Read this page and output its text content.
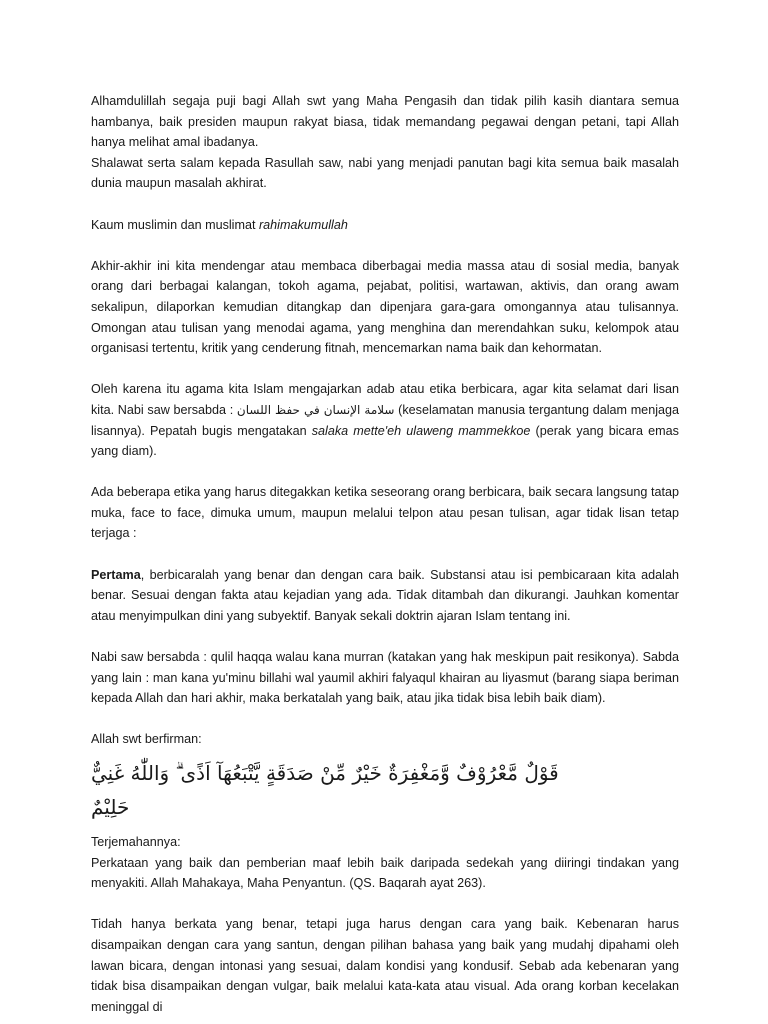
Alhamdulillah segaja puji bagi Allah swt yang Maha Pengasih dan tidak pilih kasih diantara semua hambanya, baik presiden maupun rakyat biasa, tidak memandang pegawai dengan petani, tapi Allah hanya melihat amal ibadanya.

Shalawat serta salam kepada Rasullah saw, nabi yang menjadi panutan bagi kita semua baik masalah dunia maupun masalah akhirat.

Kaum muslimin dan muslimat rahimakumullah

Akhir-akhir ini kita mendengar atau membaca diberbagai media massa atau di sosial media, banyak orang dari berbagai kalangan, tokoh agama, pejabat, politisi, wartawan, aktivis, dan orang awam sekalipun, dilaporkan kemudian ditangkap dan dipenjara gara-gara omongannya atau tulisannya. Omongan atau tulisan yang menodai agama, yang menghina dan merendahkan suku, kelompok atau organisasi tertentu, kritik yang cenderung fitnah, mencemarkan nama baik dan kehormatan.

Oleh karena itu agama kita Islam mengajarkan adab atau etika berbicara, agar kita selamat dari lisan kita. Nabi saw bersabda : سلامة الإنسان في حفظ اللسان (keselamatan manusia tergantung dalam menjaga lisannya). Pepatah bugis mengatakan salaka mette'eh ulaweng mammekkoe (perak yang bicara emas yang diam).

Ada beberapa etika yang harus ditegakkan ketika seseorang orang berbicara, baik secara langsung tatap muka, face to face, dimuka umum, maupun melalui telpon atau pesan tulisan, agar tidak lisan tetap terjaga :

Pertama, berbicaralah yang benar dan dengan cara baik. Substansi atau isi pembicaraan kita adalah benar. Sesuai dengan fakta atau kejadian yang ada. Tidak ditambah dan dikurangi. Jauhkan komentar atau menyimpulkan dini yang subyektif. Banyak sekali doktrin ajaran Islam tentang ini.

Nabi saw bersabda : qulil haqqa walau kana murran (katakan yang hak meskipun pait resikonya). Sabda yang lain : man kana yu'minu billahi wal yaumil akhiri falyaqul khairan au liyasmut (barang siapa beriman kepada Allah dan hari akhir, maka berkatalah yang baik, atau jika tidak bisa lebih baik diam).

Allah swt berfirman:

قَوْلٌ مَّعْرُوْفٌ وَّمَغْفِرَةٌ خَيْرٌ مِّنْ صَدَقَةٍ يَّتْبَعُهَآ اَذًى ۗ وَاللّٰهُ غَنِيٌّ حَلِيْمٌ

Terjemahannya:

Perkataan yang baik dan pemberian maaf lebih baik daripada sedekah yang diiringi tindakan yang menyakiti. Allah Mahakaya, Maha Penyantun. (QS. Baqarah ayat 263).

Tidah hanya berkata yang benar, tetapi juga harus dengan cara yang baik. Kebenaran harus disampaikan dengan cara yang santun, dengan pilihan bahasa yang baik yang mudahj dipahami oleh lawan bicara, dengan intonasi yang sesuai, dalam kondisi yang kondusif. Sebab ada kebenaran yang tidak bisa disampaikan dengan vulgar, baik melalui kata-kata atau visual. Ada orang korban kecelakan meninggal di
